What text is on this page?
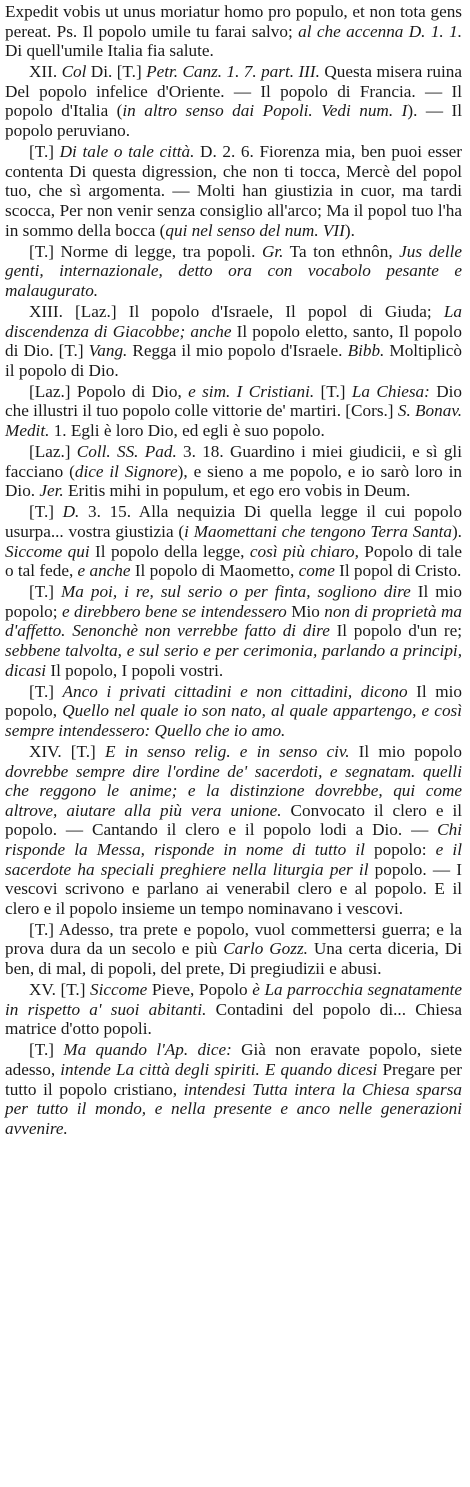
Expedit vobis ut unus moriatur homo pro populo, et non tota gens pereat. Ps. Il popolo umile tu farai salvo; al che accenna D. 1. 1. Di quell'umile Italia fia salute.

XII. Col Di. [T.] Petr. Canz. 1. 7. part. III. Questa misera ruina Del popolo infelice d'Oriente. — Il popolo di Francia. — Il popolo d'Italia (in altro senso dai Popoli. Vedi num. I). — Il popolo peruviano.

[T.] Di tale o tale città. D. 2. 6. Fiorenza mia, ben puoi esser contenta Di questa digression, che non ti tocca, Mercè del popol tuo, che sì argomenta. — Molti han giustizia in cuor, ma tardi scocca, Per non venir senza consiglio all'arco; Ma il popol tuo l'ha in sommo della bocca (qui nel senso del num. VII).

[T.] Norme di legge, tra popoli. Gr. Ta ton ethnôn, Jus delle genti, internazionale, detto ora con vocabolo pesante e malaugurato.

XIII. [Laz.] Il popolo d'Israele, Il popol di Giuda; La discendenza di Giacobbe; anche Il popolo eletto, santo, Il popolo di Dio. [T.] Vang. Regga il mio popolo d'Israele. Bibb. Moltiplicò il popolo di Dio.

[Laz.] Popolo di Dio, e sim. I Cristiani. [T.] La Chiesa: Dio che illustri il tuo popolo colle vittorie de' martiri. [Cors.] S. Bonav. Medit. 1. Egli è loro Dio, ed egli è suo popolo.

[Laz.] Coll. SS. Pad. 3. 18. Guardino i miei giudicii, e sì gli facciano (dice il Signore), e sieno a me popolo, e io sarò loro in Dio. Jer. Eritis mihi in populum, et ego ero vobis in Deum.

[T.] D. 3. 15. Alla nequizia Di quella legge il cui popolo usurpa... vostra giustizia (i Maomettani che tengono Terra Santa). Siccome qui Il popolo della legge, così più chiaro, Popolo di tale o tal fede, e anche Il popolo di Maometto, come Il popol di Cristo.

[T.] Ma poi, i re, sul serio o per finta, sogliono dire Il mio popolo; e direbbero bene se intendessero Mio non di proprietà ma d'affetto. Senonchè non verrebbe fatto di dire Il popolo d'un re; sebbene talvolta, e sul serio e per cerimonia, parlando a principi, dicasi Il popolo, I popoli vostri.

[T.] Anco i privati cittadini e non cittadini, dicono Il mio popolo, Quello nel quale io son nato, al quale appartengo, e così sempre intendessero: Quello che io amo.

XIV. [T.] E in senso relig. e in senso civ. Il mio popolo dovrebbe sempre dire l'ordine de' sacerdoti, e segnatam. quelli che reggono le anime; e la distinzione dovrebbe, qui come altrove, aiutare alla più vera unione. Convocato il clero e il popolo. — Cantando il clero e il popolo lodi a Dio. — Chi risponde la Messa, risponde in nome di tutto il popolo: e il sacerdote ha speciali preghiere nella liturgia per il popolo. — I vescovi scrivono e parlano ai venerabil clero e al popolo. E il clero e il popolo insieme un tempo nominavano i vescovi.

[T.] Adesso, tra prete e popolo, vuol commettersi guerra; e la prova dura da un secolo e più Carlo Gozz. Una certa diceria, Di ben, di mal, di popoli, del prete, Di pregiudizii e abusi.

XV. [T.] Siccome Pieve, Popolo è La parrocchia segnatamente in rispetto a' suoi abitanti. Contadini del popolo di... Chiesa matrice d'otto popoli.

[T.] Ma quando l'Ap. dice: Già non eravate popolo, siete adesso, intende La città degli spiriti. E quando dicesi Pregare per tutto il popolo cristiano, intendesi Tutta intera la Chiesa sparsa per tutto il mondo, e nella presente e anco nelle generazioni avvenire.
